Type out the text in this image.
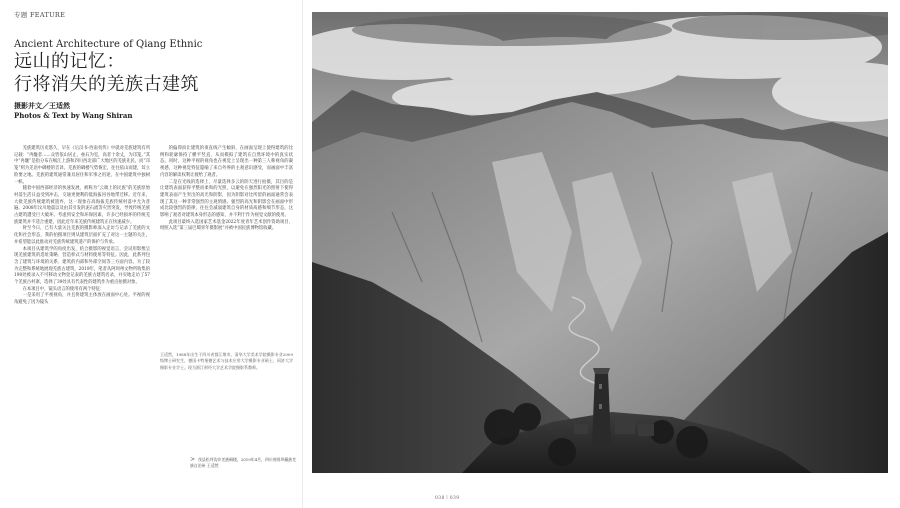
专题 FEATURE
Ancient Architecture of Qiang Ethnic
远山的记忆：
行将消失的羌族古建筑
摄影并文／王适然
Photos & Text by Wang Shiran

羌族建筑历史悠久，早在《后汉书·西南夷传》中就对羌族建筑有所记载：“冉駹者……众皆依山居止，垒石为室，高者十余丈，为邛笼。”其中“冉駹”是指分布在岷江上游和四川西北部广大地区的羌族先民，而“邛笼”则为羌语中碉楼的音译。羌族的碉楼气势恢宏，往往依山而建，耸立险要之地。羌族的建筑通常兼具居住和军事之用途，在中国建筑中独树一帜。

随着中国西部经济的快速发展，被称为“云端上的民族”的羌族原始村落生活日益受到冲击，交通更便利的低海拔河谷地带迁移。近年来，大批羌族传统建筑被遗弃，这一现象在高海拔羌族传统村落中尤为普遍。2008年汶川地震以及由其引发的泥石流等灾害突发，导致传统羌族古建筑遭受巨大破坏。考虑到安全和环保因素，许多已经损坏的传统羌族建筑并不适合重建，因此近年来羌族传统建筑正在快速减少。

时至今日，已有大量关注羌族的摄影师深入走访与记录了羌族的文化和社会形态，我的拍摄项目则从建筑层面扩充了对这一主题的关注，并希望能以此推动对羌族传统建筑遗产的保护与传承。

本项目从建筑学的角度出发，结合摄影的视觉语言，尝试用影像呈现羌族建筑的选址策略、营造样式与材料使用等特征。因此，此系列包含了建筑与环境的关系、建筑的内部和外部空间等三方面内容。为了较为完整和系统地展现羌族古建筑，2019年，笔者从阿坝州文物所收集的190处被录入不可移动文物登记表的羌族古建筑名录，并实地走访了57个羌族古村寨，选择了39处具有代表性的建筑作为重点拍摄对象。

在本项目中，镜头语言的使用有两个特征：

一是采用了平视视角，并且将建筑主体放在画面中心处。平视的视角避免了因为镜头

的偏仰而让建筑的垂直线产生倾斜，在画面呈现上使得建筑的比例和轮廓保持了横平竖直，从而模拟了建筑在自然环境中的真实状态。同时，这种平视的视角也在视觉上呈现出一种第三人称视角的凝视感，这种视觉特征隐喻了来自外界的主观意识感受，而画面中丰富内容的解读权利让渡给了观者。

二是在光线的选择上，尽量选择多云的阴天进行拍摄，其目的是让建筑表面获得平整而柔和的光照，以避免在强烈阳光的照射下使得建筑表面产生突出的高光和阴影，因为阴影对比所留的画面通常会表现了其这一种非常强烈的主观情感。强烈的高光和阴影会在画面中形成比较强烈的韵律，往往会减弱建筑自身的材质质感和细节形态，这影响了观者对建筑本身形态的感知，并不利于作为视觉文献的使用。

此项目最终入选国家艺术基金2022年度青年艺术创作资助项目，组照入选“第三届巴蜀青年摄影展”并被中国民族博物馆收藏。

王适然，1988年出生于四川省都江堰市。清华大学美术学院摄影专业2009级博士研究生，德国卡特堡德艺术与技术应用大学摄影专业硕士，同济大学摄影专业学士。现为浙江财经大学艺术学院摄影系教师。

> 茂县松坪沟乡羌族碉楼，2019年4月，四川省阿坝藏族羌族自治州 王适然
038丨039
